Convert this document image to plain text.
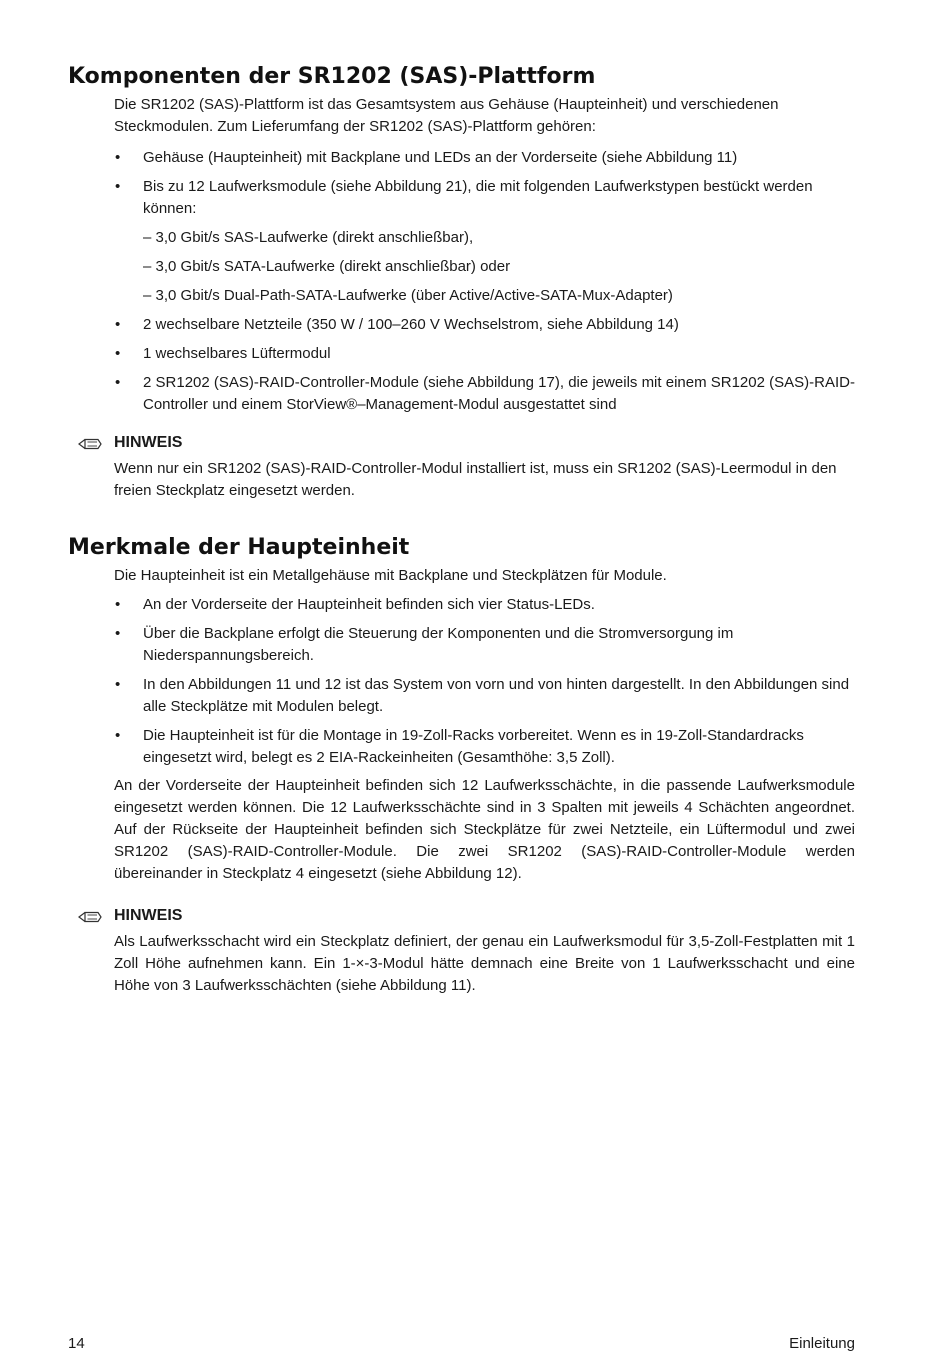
Komponenten der SR1202 (SAS)-Plattform

Die SR1202 (SAS)-Plattform ist das Gesamtsystem aus Gehäuse (Haupteinheit) und verschiedenen Steckmodulen. Zum Lieferumfang der SR1202 (SAS)-Plattform gehören:

• Gehäuse (Haupteinheit) mit Backplane und LEDs an der Vorderseite (siehe Abbildung 11)
• Bis zu 12 Laufwerksmodule (siehe Abbildung 21), die mit folgenden Laufwerkstypen bestückt werden können:
– 3,0 Gbit/s SAS-Laufwerke (direkt anschließbar),
– 3,0 Gbit/s SATA-Laufwerke (direkt anschließbar) oder
– 3,0 Gbit/s Dual-Path-SATA-Laufwerke (über Active/Active-SATA-Mux-Adapter)
• 2 wechselbare Netzteile (350 W / 100–260 V Wechselstrom, siehe Abbildung 14)
• 1 wechselbares Lüftermodul
• 2 SR1202 (SAS)-RAID-Controller-Module (siehe Abbildung 17), die jeweils mit einem SR1202 (SAS)-RAID-Controller und einem StorView®–Management-Modul ausgestattet sind
HINWEIS

Wenn nur ein SR1202 (SAS)-RAID-Controller-Modul installiert ist, muss ein SR1202 (SAS)-Leermodul in den freien Steckplatz eingesetzt werden.

Merkmale der Haupteinheit

Die Haupteinheit ist ein Metallgehäuse mit Backplane und Steckplätzen für Module.

• An der Vorderseite der Haupteinheit befinden sich vier Status-LEDs.
• Über die Backplane erfolgt die Steuerung der Komponenten und die Stromversorgung im Niederspannungsbereich.
• In den Abbildungen 11 und 12 ist das System von vorn und von hinten dargestellt. In den Abbildungen sind alle Steckplätze mit Modulen belegt.
• Die Haupteinheit ist für die Montage in 19-Zoll-Racks vorbereitet. Wenn es in 19-Zoll-Standardracks eingesetzt wird, belegt es 2 EIA-Rackeinheiten (Gesamthöhe: 3,5 Zoll).

An der Vorderseite der Haupteinheit befinden sich 12 Laufwerksschächte, in die passende Laufwerksmodule eingesetzt werden können. Die 12 Laufwerksschächte sind in 3 Spalten mit jeweils 4 Schächten angeordnet. Auf der Rückseite der Haupteinheit befinden sich Steckplätze für zwei Netzteile, ein Lüftermodul und zwei SR1202 (SAS)-RAID-Controller-Module. Die zwei SR1202 (SAS)-RAID-Controller-Module werden übereinander in Steckplatz 4 eingesetzt (siehe Abbildung 12).

HINWEIS

Als Laufwerksschacht wird ein Steckplatz definiert, der genau ein Laufwerksmodul für 3,5-Zoll-Festplatten mit 1 Zoll Höhe aufnehmen kann. Ein 1-×-3-Modul hätte demnach eine Breite von 1 Laufwerksschacht und eine Höhe von 3 Laufwerksschächten (siehe Abbildung 11).

14	Einleitung
